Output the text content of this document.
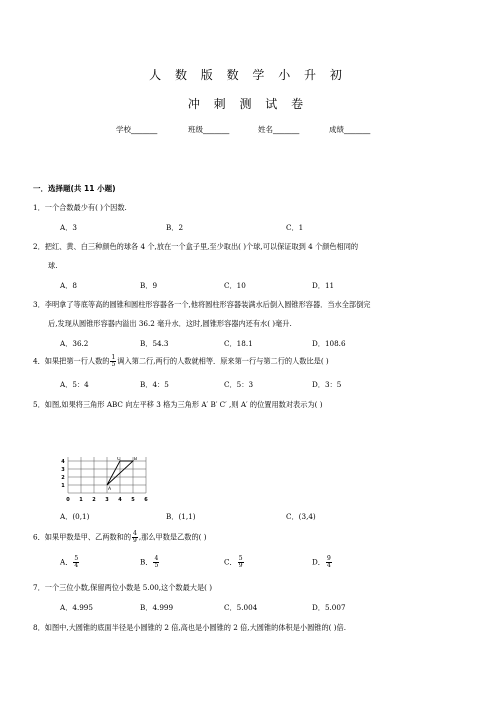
人 数 版 数 学 小 升 初
冲 刺 测 试 卷
学校_______	班级_______	姓名_______	成绩_______
一．选择题(共 11 小题)
1．一个合数最少有( )个因数.
A．3	B．2	C．1
2．把红、黄、白三种颜色的球各 4 个,放在一个盒子里,至少取出( )个球,可以保证取到 4 个颜色相同的
球.
A．8	B．9	C．10	D．11
3．李明拿了等底等高的圆锥和圆柱形容器各一个,他将圆柱形容器装满水后倒入圆锥形容器．当水全部倒完
后,发现从圆锥形容器内溢出 36.2 毫升水．这时,圆锥形容器内还有水( )毫升.
A．36.2	B．54.3	C．18.1	D．108.6
4．如果把第一行人数的 $\frac{1}{5}$ 调入第二行,两行的人数就相等．原来第一行与第二行的人数比是( )
A．5：4	B．4：5	C．5：3	D．3：5
5．如图,如果将三角形 ABC 向左平移 3 格为三角形 A′ B′ C′ ,则 A′ 的位置用数对表示为( )
0 1 2 3 4 5 6
1
2
3
4
A
B
C
A．(0,1)	B．(1,1)	C．(3,4)
6．如果甲数是甲、乙两数和的 $\frac{4}{9}$ ,那么甲数是乙数的( )
A． $\frac{5}{4}$	B． $\frac{4}{5}$	C． $\frac{5}{9}$	D． $\frac{9}{4}$
7．一个三位小数,保留两位小数是 5.00,这个数最大是( )
A．4.995	B．4.999	C．5.004	D．5.007
8．如图中,大圆锥的底面半径是小圆锥的 2 倍,高也是小圆锥的 2 倍,大圆锥的体积是小圆锥的( )倍.
